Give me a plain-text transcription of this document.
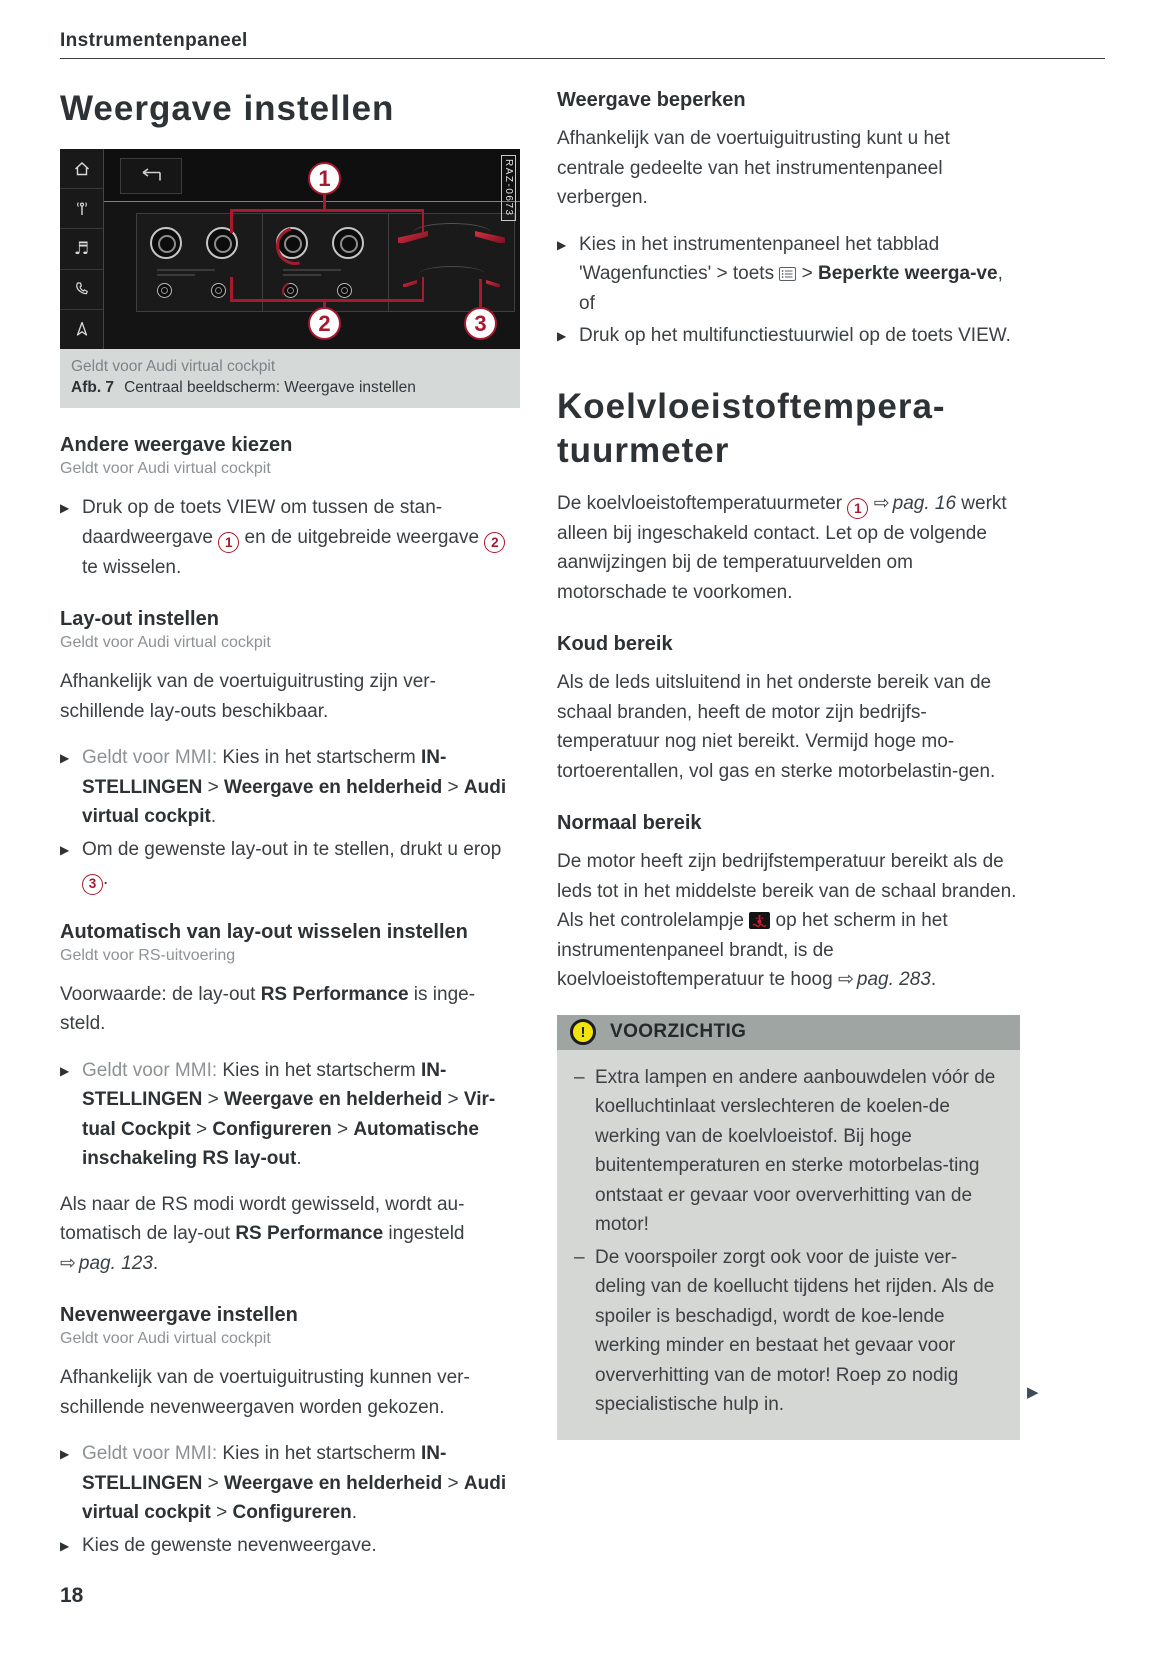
Instrumentenpaneel
Weergave instellen
♬
1
2	3
RAZ-0673
Geldt voor Audi virtual cockpit
Afb. 7 Centraal beeldscherm: Weergave instellen
Andere weergave kiezen
Geldt voor Audi virtual cockpit
▶ Druk op de toets VIEW om tussen de stan-daardweergave 1 en de uitgebreide weergave 2 te wisselen.
Lay-out instellen
Geldt voor Audi virtual cockpit

Afhankelijk van de voertuiguitrusting zijn ver-schillende lay-outs beschikbaar.

▶ Geldt voor MMI: Kies in het startscherm IN-STELLINGEN > Weergave en helderheid > Audi virtual cockpit.
▶ Om de gewenste lay-out in te stellen, drukt u erop 3 .
Automatisch van lay-out wisselen instellen
Geldt voor RS-uitvoering

Voorwaarde: de lay-out RS Performance is inge-steld.

▶ Geldt voor MMI: Kies in het startscherm IN-STELLINGEN > Weergave en helderheid > Vir-tual Cockpit > Configureren > Automatische inschakeling RS lay-out.

Als naar de RS modi wordt gewisseld, wordt au-tomatisch de lay-out RS Performance ingesteld ⇨ pag. 123.

Nevenweergave instellen
Geldt voor Audi virtual cockpit

Afhankelijk van de voertuiguitrusting kunnen ver-schillende nevenweergaven worden gekozen.

▶ Geldt voor MMI: Kies in het startscherm IN-STELLINGEN > Weergave en helderheid > Audi virtual cockpit > Configureren.
▶ Kies de gewenste nevenweergave.
Weergave beperken

Afhankelijk van de voertuiguitrusting kunt u het centrale gedeelte van het instrumentenpaneel verbergen.

▶ Kies in het instrumentenpaneel het tabblad 'Wagenfuncties' > toets
> Beperkte weerga-ve, of
▶ Druk op het multifunctiestuurwiel op de toets VIEW.
Koelvloeistoftempera-tuurmeter

De koelvloeistoftemperatuurmeter 1 ⇨ pag. 16 werkt alleen bij ingeschakeld contact. Let op de volgende aanwijzingen bij de temperatuurvelden om motorschade te voorkomen.

Koud bereik

Als de leds uitsluitend in het onderste bereik van de schaal branden, heeft de motor zijn bedrijfs-temperatuur nog niet bereikt. Vermijd hoge mo-tortoerentallen, vol gas en sterke motorbelastin-gen.

Normaal bereik

De motor heeft zijn bedrijfstemperatuur bereikt als de leds tot in het middelste bereik van de schaal branden. Als het controlelampje
op het scherm in het instrumentenpaneel brandt, is de koelvloeistoftemperatuur te hoog ⇨ pag. 283.

!	VOORZICHTIG
– Extra lampen en andere aanbouwdelen vóór de koelluchtinlaat verslechteren de koelen-de werking van de koelvloeistof. Bij hoge buitentemperaturen en sterke motorbelas-ting ontstaat er gevaar voor oververhitting van de motor!
– De voorspoiler zorgt ook voor de juiste ver-deling van de koellucht tijdens het rijden. Als de spoiler is beschadigd, wordt de koe-lende werking minder en bestaat het gevaar voor oververhitting van de motor! Roep zo nodig specialistische hulp in.
▶
18
